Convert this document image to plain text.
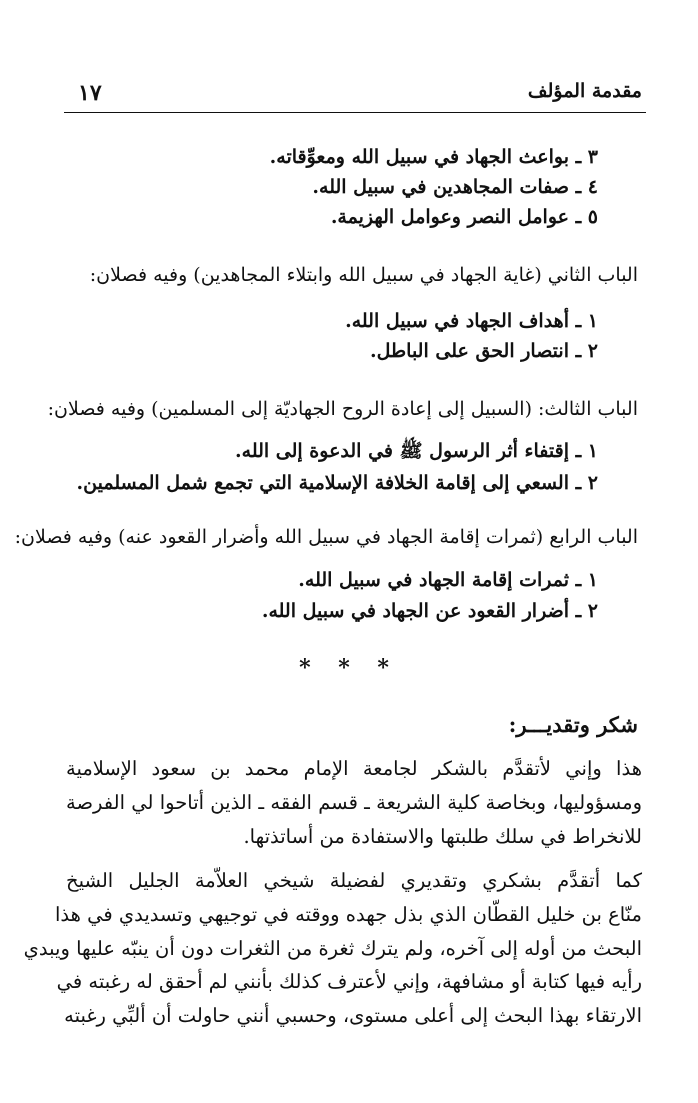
مقدمة المؤلف
١٧
٣ ـ بواعث الجهاد في سبيل الله ومعوِّقاته.
٤ ـ صفات المجاهدين في سبيل الله.
٥ ـ عوامل النصر وعوامل الهزيمة.
الباب الثاني (غاية الجهاد في سبيل الله وابتلاء المجاهدين) وفيه فصلان:
١ ـ أهداف الجهاد في سبيل الله.
٢ ـ انتصار الحق على الباطل.
الباب الثالث: (السبيل إلى إعادة الروح الجهاديّة إلى المسلمين) وفيه فصلان:
١ ـ إقتفاء أثر الرسول ﷺ في الدعوة إلى الله.
٢ ـ السعي إلى إقامة الخلافة الإسلامية التي تجمع شمل المسلمين.
الباب الرابع (ثمرات إقامة الجهاد في سبيل الله وأضرار القعود عنه) وفيه فصلان:
١ ـ ثمرات إقامة الجهاد في سبيل الله.
٢ ـ أضرار القعود عن الجهاد في سبيل الله.
* * *
شكر وتقديـــر:
هذا وإني لأتقدَّم بالشكر لجامعة الإمام محمد بن سعود الإسلامية
ومسؤوليها، وبخاصة كلية الشريعة ـ قسم الفقه ـ الذين أتاحوا لي الفرصة
للانخراط في سلك طلبتها والاستفادة من أساتذتها.
كما أتقدَّم بشكري وتقديري لفضيلة شيخي العلاّمة الجليل الشيخ
منّاع بن خليل القطّان الذي بذل جهده ووقته في توجيهي وتسديدي في هذا
البحث من أوله إلى آخره، ولم يترك ثغرة من الثغرات دون أن ينبّه عليها ويبدي
رأيه فيها كتابة أو مشافهة، وإني لأعترف كذلك بأنني لم أحقق له رغبته في
الارتقاء بهذا البحث إلى أعلى مستوى، وحسبي أنني حاولت أن ألبِّي رغبته
